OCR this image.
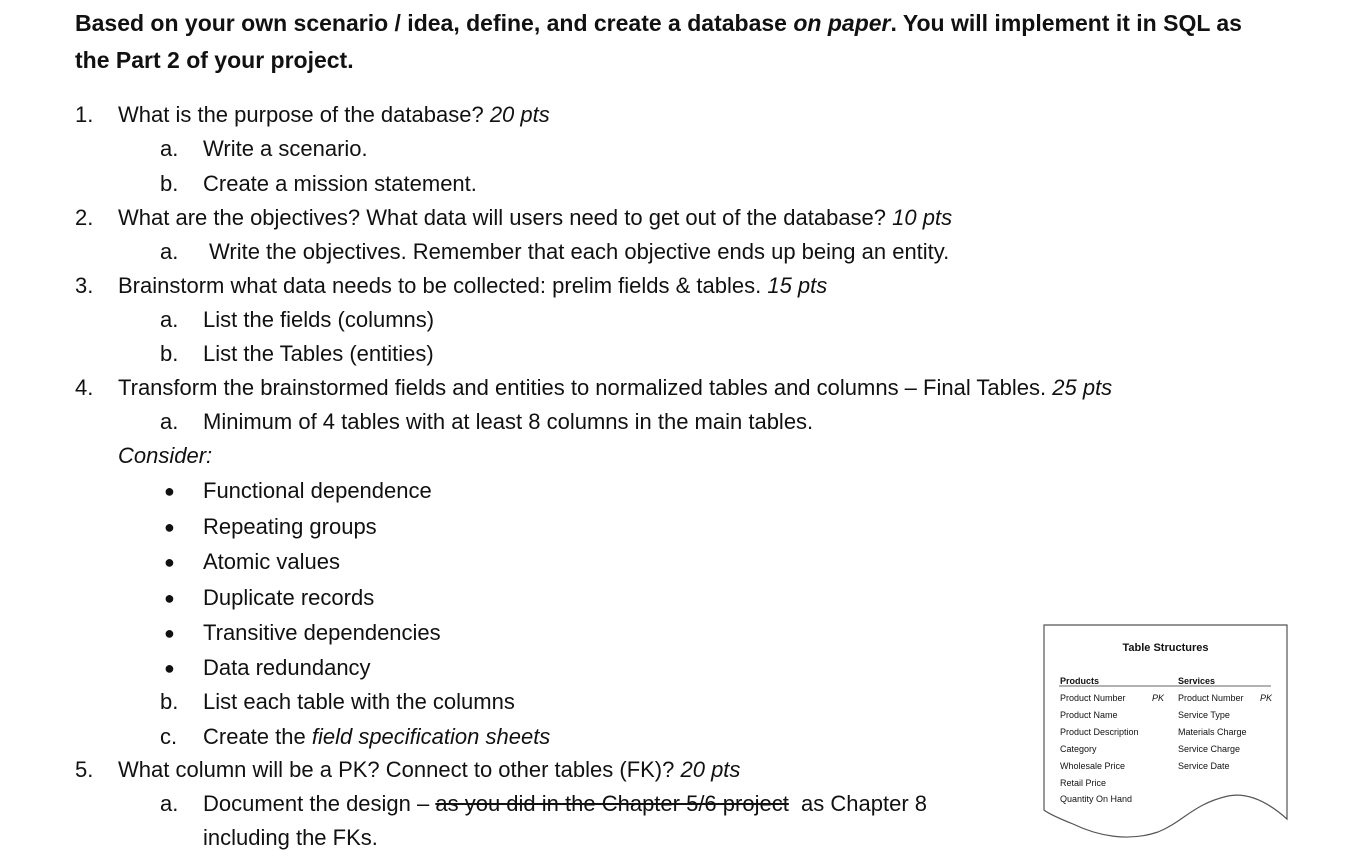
Based on your own scenario / idea, define, and create a database on paper. You will implement it in SQL as
the Part 2 of your project.
1. What is the purpose of the database? 20 pts
a. Write a scenario.
b. Create a mission statement.
2. What are the objectives? What data will users need to get out of the database? 10 pts
a. Write the objectives. Remember that each objective ends up being an entity.
3. Brainstorm what data needs to be collected: prelim fields & tables. 15 pts
a. List the fields (columns)
b. List the Tables (entities)
4. Transform the brainstormed fields and entities to normalized tables and columns – Final Tables. 25 pts
a. Minimum of 4 tables with at least 8 columns in the main tables.
Consider:
● Functional dependence
● Repeating groups
● Atomic values
● Duplicate records
● Transitive dependencies
● Data redundancy
b. List each table with the columns
c. Create the field specification sheets
5. What column will be a PK? Connect to other tables (FK)? 20 pts
a. Document the design – as you did in the Chapter 5/6 project  as Chapter 8
including the FKs.
Table Structures
Products
Product Number	PK
Product Name
Product Description
Category
Wholesale Price
Retail Price
Quantity On Hand
Services
Product Number PK
Service Type
Materials Charge
Service Charge
Service Date
